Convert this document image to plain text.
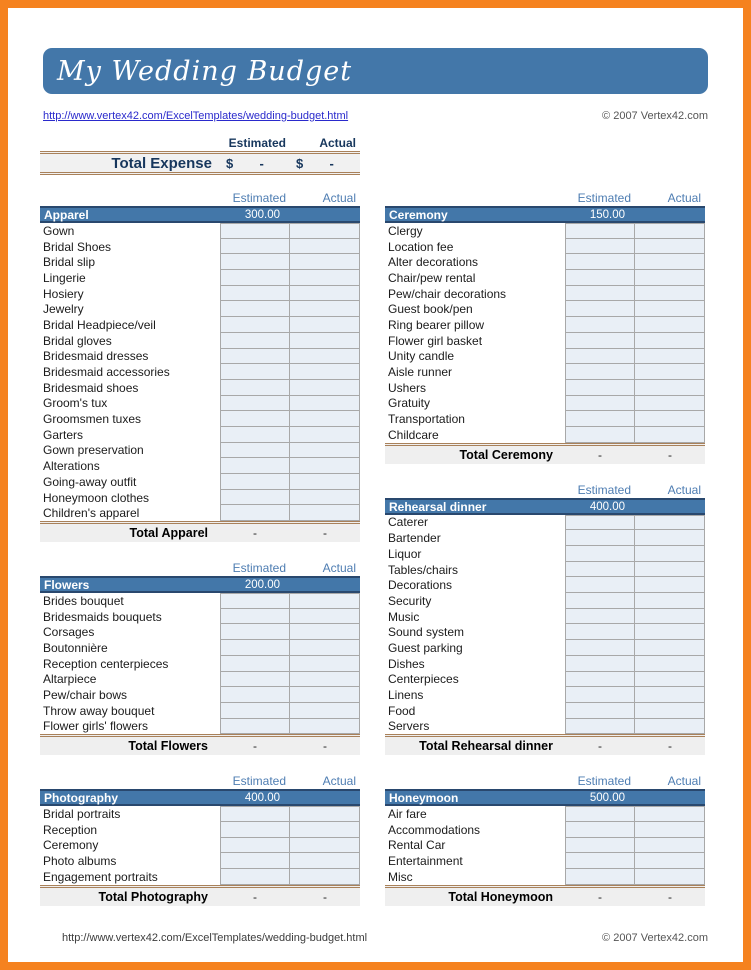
My Wedding Budget
http://www.vertex42.com/ExcelTemplates/wedding-budget.html	© 2007 Vertex42.com
Estimated	Actual
Total Expense	$	-	$	-
Estimated	Actual
Apparel	300.00
Gown
Bridal Shoes
Bridal slip
Lingerie
Hosiery
Jewelry
Bridal Headpiece/veil
Bridal gloves
Bridesmaid dresses
Bridesmaid accessories
Bridesmaid shoes
Groom's tux
Groomsmen tuxes
Garters
Gown preservation
Alterations
Going-away outfit
Honeymoon clothes
Children's apparel
Total Apparel	-	-
Estimated	Actual
Flowers	200.00
Brides bouquet
Bridesmaids bouquets
Corsages
Boutonnière
Reception centerpieces
Altarpiece
Pew/chair bows
Throw away bouquet
Flower girls' flowers
Total Flowers	-	-
Estimated	Actual
Photography	400.00
Bridal portraits
Reception
Ceremony
Photo albums
Engagement portraits
Total Photography	-	-
Estimated	Actual
Ceremony	150.00
Clergy
Location fee
Alter decorations
Chair/pew rental
Pew/chair decorations
Guest book/pen
Ring bearer pillow
Flower girl basket
Unity candle
Aisle runner
Ushers
Gratuity
Transportation
Childcare
Total Ceremony	-	-
Estimated	Actual
Rehearsal dinner	400.00
Caterer
Bartender
Liquor
Tables/chairs
Decorations
Security
Music
Sound system
Guest parking
Dishes
Centerpieces
Linens
Food
Servers
Total Rehearsal dinner	-	-
Estimated	Actual
Honeymoon	500.00
Air fare
Accommodations
Rental Car
Entertainment
Misc
Total Honeymoon	-	-
http://www.vertex42.com/ExcelTemplates/wedding-budget.html	© 2007 Vertex42.com
